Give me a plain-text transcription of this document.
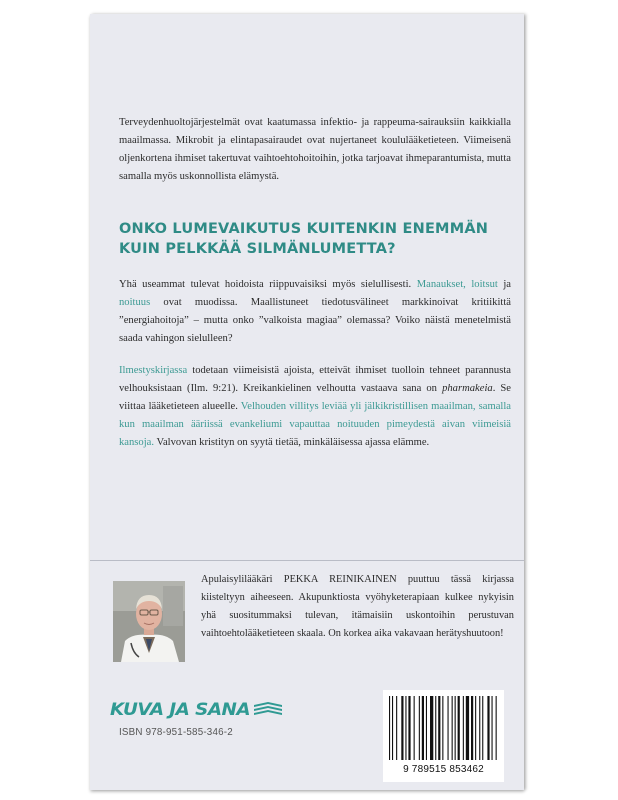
Terveydenhuoltojärjestelmät ovat kaatumassa infektio- ja rappeuma-sairauksiin kaikkialla maailmassa. Mikrobit ja elintapasairaudet ovat nujertaneet koululääketieteen. Viimeisenä oljenkortena ihmiset takertuvat vaihtoehtohoitoihin, jotka tarjoavat ihmeparantumista, mutta samalla myös uskonnollista elämystä.

ONKO LUMEVAIKUTUS KUITENKIN ENEMMÄN
KUIN PELKKÄÄ SILMÄNLUMETTA?

Yhä useammat tulevat hoidoista riippuvaisiksi myös sielullisesti. Manaukset, loitsut ja noituus ovat muodissa. Maallistuneet tiedotusvälineet markkinoivat kritiikittä ”energiahoitoja” – mutta onko ”valkoista magiaa” olemassa? Voiko näistä menetelmistä saada vahingon sielulleen?

Ilmestyskirjassa todetaan viimeisistä ajoista, etteivät ihmiset tuolloin tehneet parannusta velhouksistaan (Ilm. 9:21). Kreikankielinen velhoutta vastaava sana on pharmakeia. Se viittaa lääketieteen alueelle. Velhouden villitys leviää yli jälkikristillisen maailman, samalla kun maailman ääriissä evankeliumi vapauttaa noituuden pimeydestä aivan viimeisiä kansoja. Valvovan kristityn on syytä tietää, minkäläisessa ajassa elämme.

Apulaisylilääkäri PEKKA REINIKAINEN puuttuu tässä kirjassa kiisteltyyn aiheeseen. Akupunktiosta vyöhyketerapiaan kulkee nykyisin yhä suositummaksi tulevan, itämaisiin uskontoihin perustuvan vaihtoehtolääketieteen skaala. On korkea aika vakavaan herätyshuutoon!

KUVA JA SANA
ISBN 978-951-585-346-2
9 789515 853462
